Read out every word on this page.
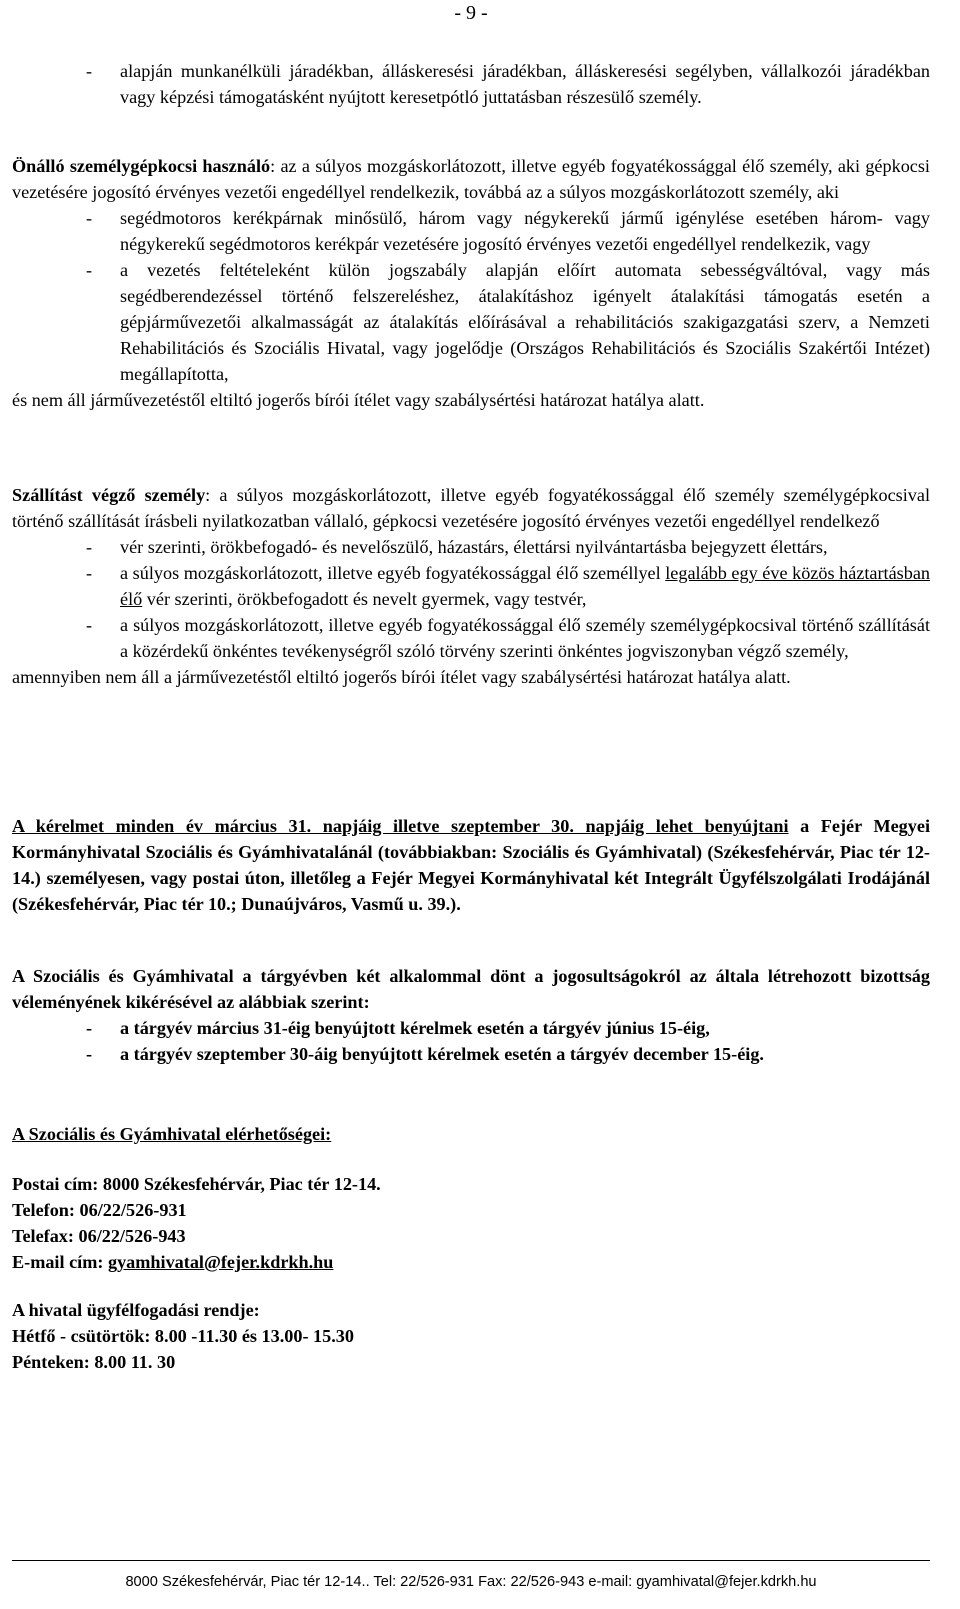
- 9 -
- alapján munkanélküli járadékban, álláskeresési járadékban, álláskeresési segélyben, vállalkozói járadékban vagy képzési támogatásként nyújtott keresetpótló juttatásban részesülő személy.

Önálló személygépkocsi használó: az a súlyos mozgáskorlátozott, illetve egyéb fogyatékossággal élő személy, aki gépkocsi vezetésére jogosító érvényes vezetői engedéllyel rendelkezik, továbbá az a súlyos mozgáskorlátozott személy, aki

- segédmotoros kerékpárnak minősülő, három vagy négykerekű jármű igénylése esetében három- vagy négykerekű segédmotoros kerékpár vezetésére jogosító érvényes vezetői engedéllyel rendelkezik, vagy
- a vezetés feltételeként külön jogszabály alapján előírt automata sebességváltóval, vagy más segédberendezéssel történő felszereléshez, átalakításhoz igényelt átalakítási támogatás esetén a gépjárművezetői alkalmasságát az átalakítás előírásával a rehabilitációs szakigazgatási szerv, a Nemzeti Rehabilitációs és Szociális Hivatal, vagy jogelődje (Országos Rehabilitációs és Szociális Szakértői Intézet) megállapította,

és nem áll járművezetéstől eltiltó jogerős bírói ítélet vagy szabálysértési határozat hatálya alatt.

Szállítást végző személy: a súlyos mozgáskorlátozott, illetve egyéb fogyatékossággal élő személy személygépkocsival történő szállítását írásbeli nyilatkozatban vállaló, gépkocsi vezetésére jogosító érvényes vezetői engedéllyel rendelkező

- vér szerinti, örökbefogadó- és nevelőszülő, házastárs, élettársi nyilvántartásba bejegyzett élettárs,
- a súlyos mozgáskorlátozott, illetve egyéb fogyatékossággal élő személlyel legalább egy éve közös háztartásban élő vér szerinti, örökbefogadott és nevelt gyermek, vagy testvér,
- a súlyos mozgáskorlátozott, illetve egyéb fogyatékossággal élő személy személygépkocsival történő szállítását a közérdekű önkéntes tevékenységről szóló törvény szerinti önkéntes jogviszonyban végző személy,

amennyiben nem áll a járművezetéstől eltiltó jogerős bírói ítélet vagy szabálysértési határozat hatálya alatt.

A kérelmet minden év március 31. napjáig illetve szeptember 30. napjáig lehet benyújtani a Fejér Megyei Kormányhivatal Szociális és Gyámhivatalánál (továbbiakban: Szociális és Gyámhivatal) (Székesfehérvár, Piac tér 12-14.) személyesen, vagy postai úton, illetőleg a Fejér Megyei Kormányhivatal két Integrált Ügyfélszolgálati Irodájánál (Székesfehérvár, Piac tér 10.; Dunaújváros, Vasmű u. 39.).

A Szociális és Gyámhivatal a tárgyévben két alkalommal dönt a jogosultságokról az általa létrehozott bizottság véleményének kikérésével az alábbiak szerint:

- a tárgyév március 31-éig benyújtott kérelmek esetén a tárgyév június 15-éig,
- a tárgyév szeptember 30-áig benyújtott kérelmek esetén a tárgyév december 15-éig.

A Szociális és Gyámhivatal elérhetőségei:

Postai cím: 8000 Székesfehérvár, Piac tér 12-14.

Telefon: 06/22/526-931

Telefax: 06/22/526-943

E-mail cím: gyamhivatal@fejer.kdrkh.hu

A hivatal ügyfélfogadási rendje:

Hétfő - csütörtök: 8.00 -11.30 és 13.00- 15.30

Pénteken: 8.00 11. 30

8000 Székesfehérvár, Piac tér 12-14.. Tel: 22/526-931 Fax: 22/526-943 e-mail: gyamhivatal@fejer.kdrkh.hu
